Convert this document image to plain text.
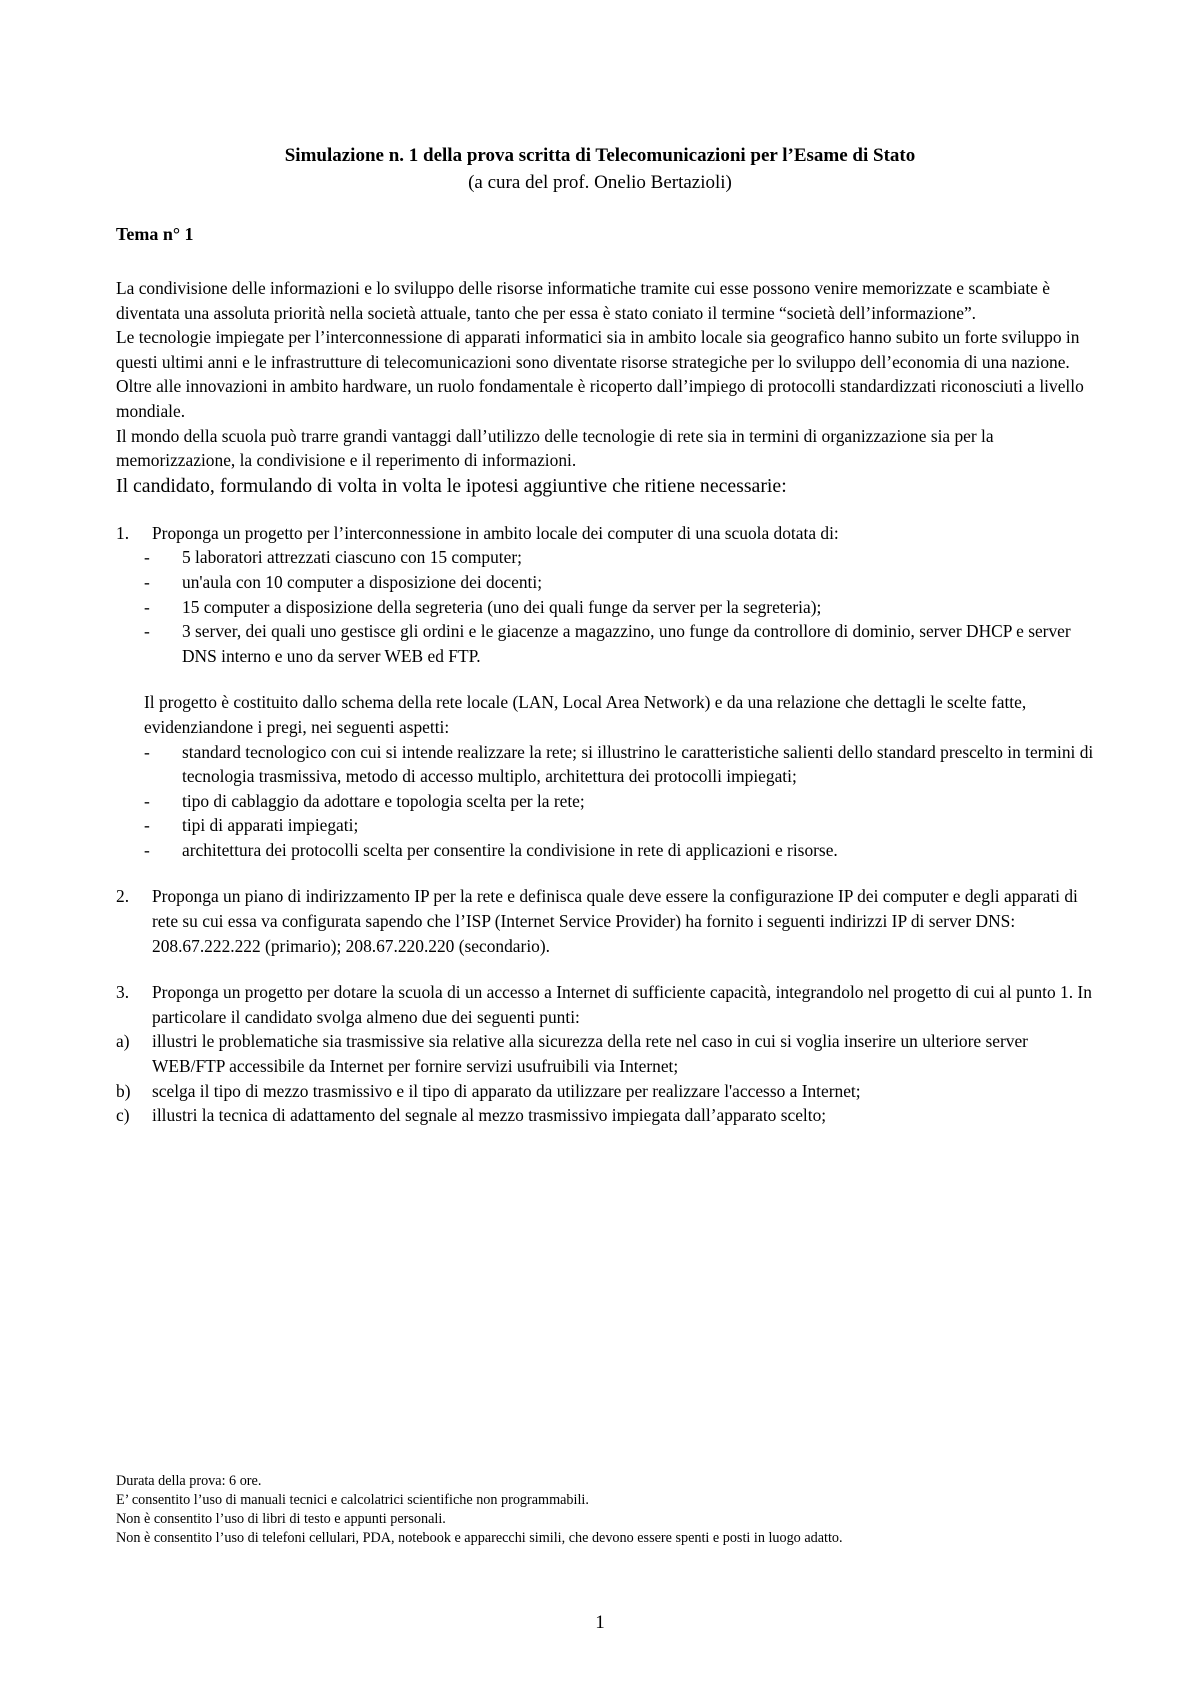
Simulazione n. 1 della prova scritta di Telecomunicazioni per l’Esame di Stato
(a cura del prof. Onelio Bertazioli)
Tema n° 1

La condivisione delle informazioni e lo sviluppo delle risorse informatiche tramite cui esse possono venire memorizzate e scambiate è diventata una assoluta priorità nella società attuale, tanto che per essa è stato coniato il termine “società dell’informazione”.

Le tecnologie impiegate per l’interconnessione di apparati informatici sia in ambito locale sia geografico hanno subito un forte sviluppo in questi ultimi anni e le infrastrutture di telecomunicazioni sono diventate risorse strategiche per lo sviluppo dell’economia di una nazione. Oltre alle innovazioni in ambito hardware, un ruolo fondamentale è ricoperto dall’impiego di protocolli standardizzati riconosciuti a livello mondiale.

Il mondo della scuola può trarre grandi vantaggi dall’utilizzo delle tecnologie di rete sia in termini di organizzazione sia per la memorizzazione, la condivisione e il reperimento di informazioni.

Il candidato, formulando di volta in volta le ipotesi aggiuntive che ritiene necessarie:

1.	Proponga un progetto per l’interconnessione in ambito locale dei computer di una scuola dotata di:
-	5 laboratori attrezzati ciascuno con 15 computer;
-	un'aula con 10 computer a disposizione dei docenti;
-	15 computer a disposizione della segreteria (uno dei quali funge da server per la segreteria);
-	3 server, dei quali uno gestisce gli ordini e le giacenze a magazzino, uno funge da controllore di dominio, server DHCP e server DNS interno e uno da server WEB ed FTP.

Il progetto è costituito dallo schema della rete locale (LAN, Local Area Network) e da una relazione che dettagli le scelte fatte, evidenziandone i pregi, nei seguenti aspetti:

-	standard tecnologico con cui si intende realizzare la rete; si illustrino le caratteristiche salienti dello standard prescelto in termini di tecnologia trasmissiva, metodo di accesso multiplo, architettura dei protocolli impiegati;
-	tipo di cablaggio da adottare e topologia scelta per la rete;
-	tipi di apparati impiegati;
-	architettura dei protocolli scelta per consentire la condivisione in rete di applicazioni e risorse.
2.	Proponga un piano di indirizzamento IP per la rete e definisca quale deve essere la configurazione IP dei computer e degli apparati di rete su cui essa va configurata sapendo che l’ISP (Internet Service Provider) ha fornito i seguenti indirizzi IP di server DNS: 208.67.222.222 (primario); 208.67.220.220 (secondario).
3.	Proponga un progetto per dotare la scuola di un accesso a Internet di sufficiente capacità, integrandolo nel progetto di cui al punto 1. In particolare il candidato svolga almeno due dei seguenti punti:
a)	illustri le problematiche sia trasmissive sia relative alla sicurezza della rete nel caso in cui si voglia inserire un ulteriore server WEB/FTP accessibile da Internet per fornire servizi usufruibili via Internet;
b)	scelga il tipo di mezzo trasmissivo e il tipo di apparato da utilizzare per realizzare l'accesso a Internet;
c)	illustri la tecnica di adattamento del segnale al mezzo trasmissivo impiegata dall’apparato scelto;

Durata della prova: 6 ore.

E’ consentito l’uso di manuali tecnici e calcolatrici scientifiche non programmabili.

Non è consentito l’uso di libri di testo e appunti personali.

Non è consentito l’uso di telefoni cellulari, PDA, notebook e apparecchi simili, che devono essere spenti e posti in luogo adatto.

1
